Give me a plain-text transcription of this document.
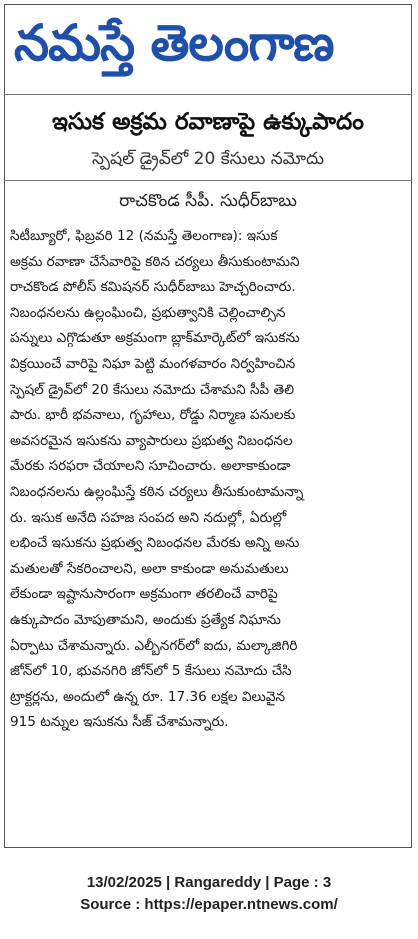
నమస్తే తెలంగాణ
ఇసుక అక్రమ రవాణాపై ఉక్కుపాదం
స్పెషల్ డ్రైవ్‌లో 20 కేసులు నమోదు
రాచకొండ సీపీ. సుధీర్‌బాబు
సిటీబ్యూరో, ఫిబ్రవరి 12 (నమస్తే తెలంగాణ): ఇసుక
అక్రమ రవాణా చేసేవారిపై కఠిన చర్యలు తీసుకుంటామని
రాచకొండ పోలీస్ కమిషనర్ సుధీర్‌బాబు హెచ్చరించారు.
నిబంధనలను ఉల్లంఘించి, ప్రభుత్వానికి చెల్లించాల్సిన
పన్నులు ఎగ్గొడుతూ అక్రమంగా బ్లాక్‌మార్కెట్‌లో ఇసుకను
విక్రయించే వారిపై నిఘా పెట్టి మంగళవారం నిర్వహించిన
స్పెషల్ డ్రైవ్‌లో 20 కేసులు నమోదు చేశామని సీపీ తెలి
పారు. భారీ భవనాలు, గృహాలు, రోడ్డు నిర్మాణ పనులకు
అవసరమైన ఇసుకను వ్యాపారులు ప్రభుత్వ నిబంధనల
మేరకు సరఫరా చేయాలని సూచించారు. అలాకాకుండా
నిబంధనలను ఉల్లంఘిస్తే కఠిన చర్యలు తీసుకుంటామన్నా
రు. ఇసుక అనేది సహజ సంపద అని నదుల్లో, ఏరుల్లో
లభించే ఇసుకను ప్రభుత్వ నిబంధనల మేరకు అన్ని అను
మతులతో సేకరించాలని, అలా కాకుండా అనుమతులు
లేకుండా ఇష్టానుసారంగా అక్రమంగా తరలించే వారిపై
ఉక్కుపాదం మోపుతామని, అందుకు ప్రత్యేక నిఘాను
ఏర్పాటు చేశామన్నారు. ఎల్బీనగర్‌లో ఐదు, మల్కాజిగిరి
జోన్‌లో 10, భువనగిరి జోన్‌లో 5 కేసులు నమోదు చేసి
ట్రాక్టర్లను, అందులో ఉన్న రూ. 17.36 లక్షల విలువైన
915 టన్నుల ఇసుకను సీజ్ చేశామన్నారు.
13/02/2025 | Rangareddy | Page : 3
Source : https://epaper.ntnews.com/
